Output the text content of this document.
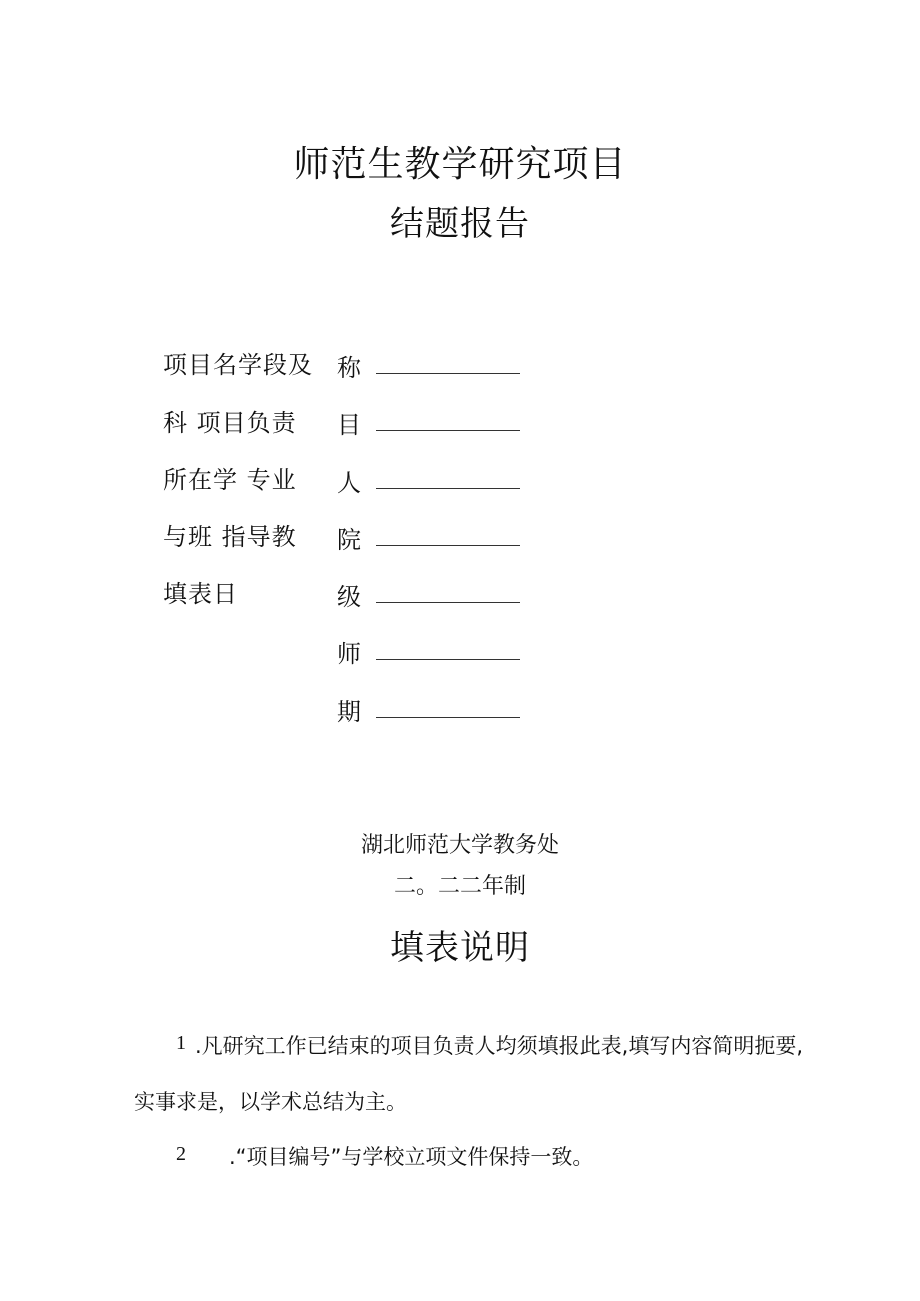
师范生教学研究项目
结题报告
项目名学段及
科 项目负责
所在学 专业
与班 指导教
填表日
称
目
人
院
级
师
期
湖北师范大学教务处
二。二二年制
填表说明
1 .凡研究工作已结束的项目负责人均须填报此表,填写内容简明扼要,
实事求是，以学术总结为主。
2 .“项目编号”与学校立项文件保持一致。
